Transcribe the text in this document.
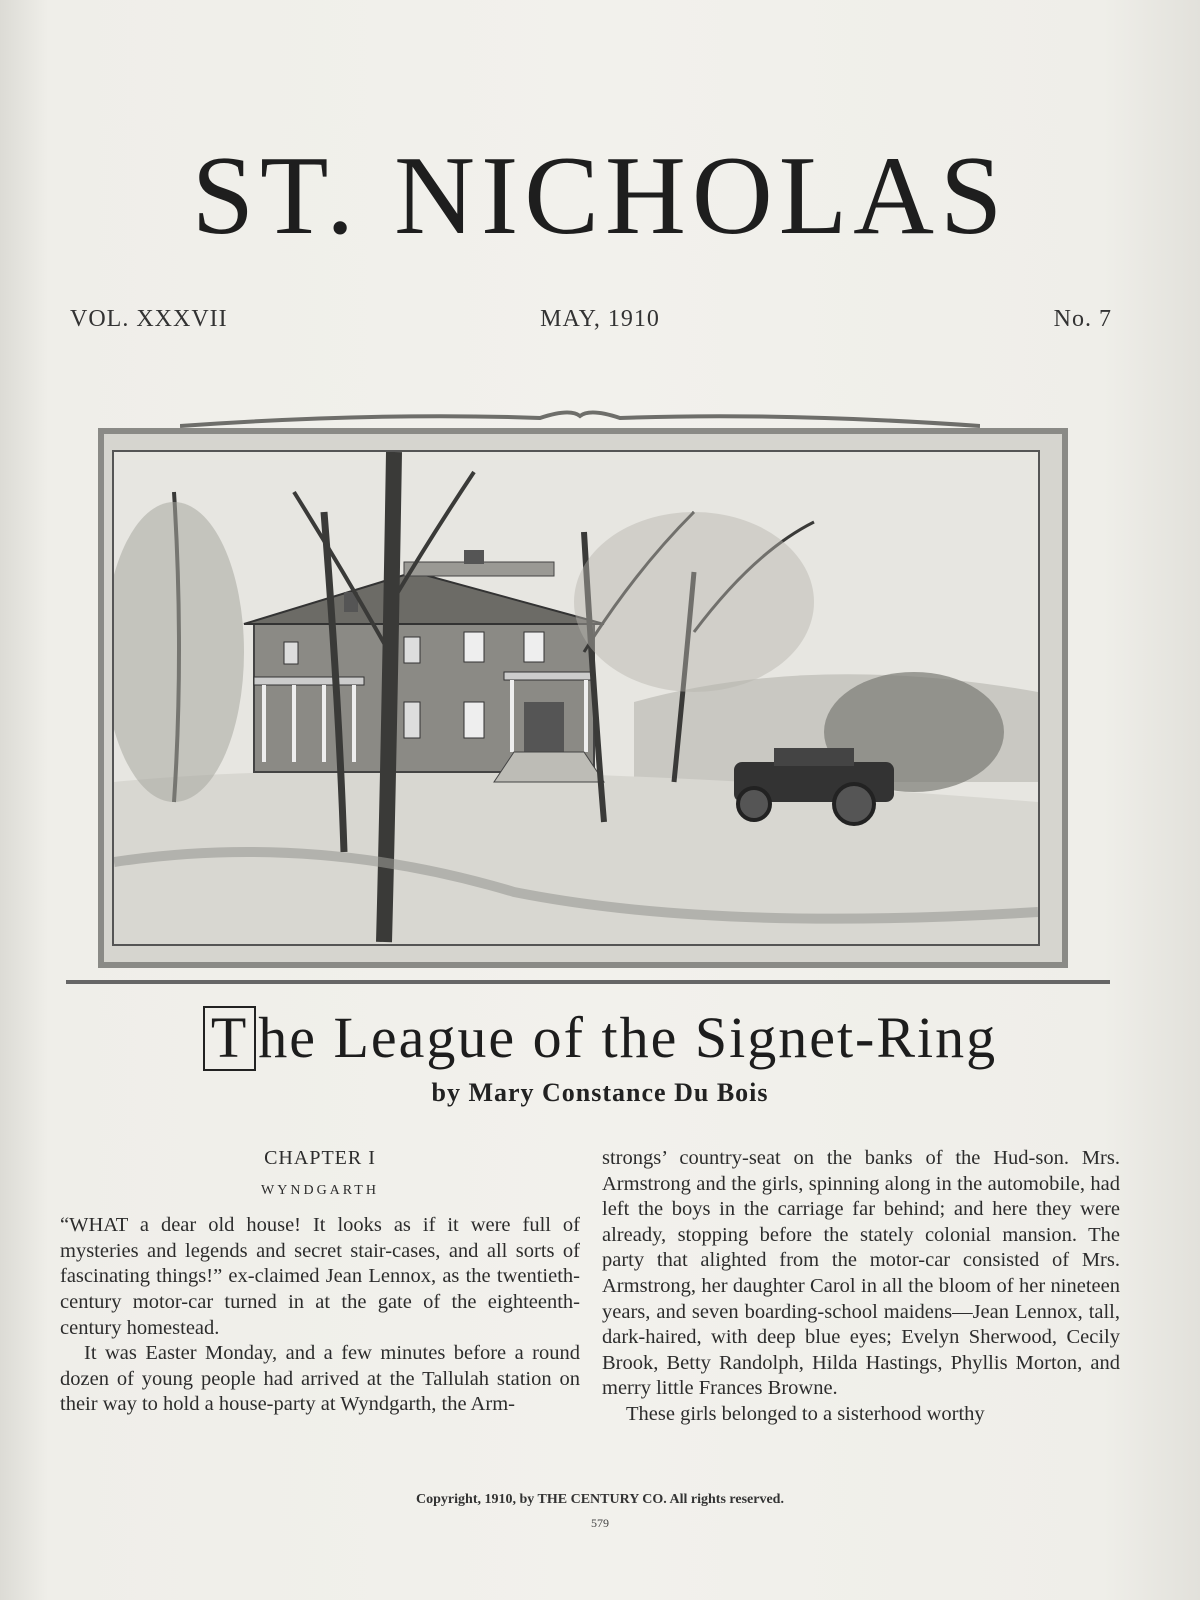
ST. NICHOLAS
VOL. XXXVII	MAY, 1910	No. 7
T he League of the Signet-Ring
by Mary Constance Du Bois

CHAPTER I

WYNDGARTH

“WHAT a dear old house! It looks as if it were full of mysteries and legends and secret stair-cases, and all sorts of fascinating things!” ex-claimed Jean Lennox, as the twentieth-century motor-car turned in at the gate of the eighteenth-century homestead.

It was Easter Monday, and a few minutes before a round dozen of young people had arrived at the Tallulah station on their way to hold a house-party at Wyndgarth, the Arm-

strongs’ country-seat on the banks of the Hud-son. Mrs. Armstrong and the girls, spinning along in the automobile, had left the boys in the carriage far behind; and here they were already, stopping before the stately colonial mansion. The party that alighted from the motor-car consisted of Mrs. Armstrong, her daughter Carol in all the bloom of her nineteen years, and seven boarding-school maidens—Jean Lennox, tall, dark-haired, with deep blue eyes; Evelyn Sherwood, Cecily Brook, Betty Randolph, Hilda Hastings, Phyllis Morton, and merry little Frances Browne.

These girls belonged to a sisterhood worthy

Copyright, 1910, by THE CENTURY CO. All rights reserved.
579
